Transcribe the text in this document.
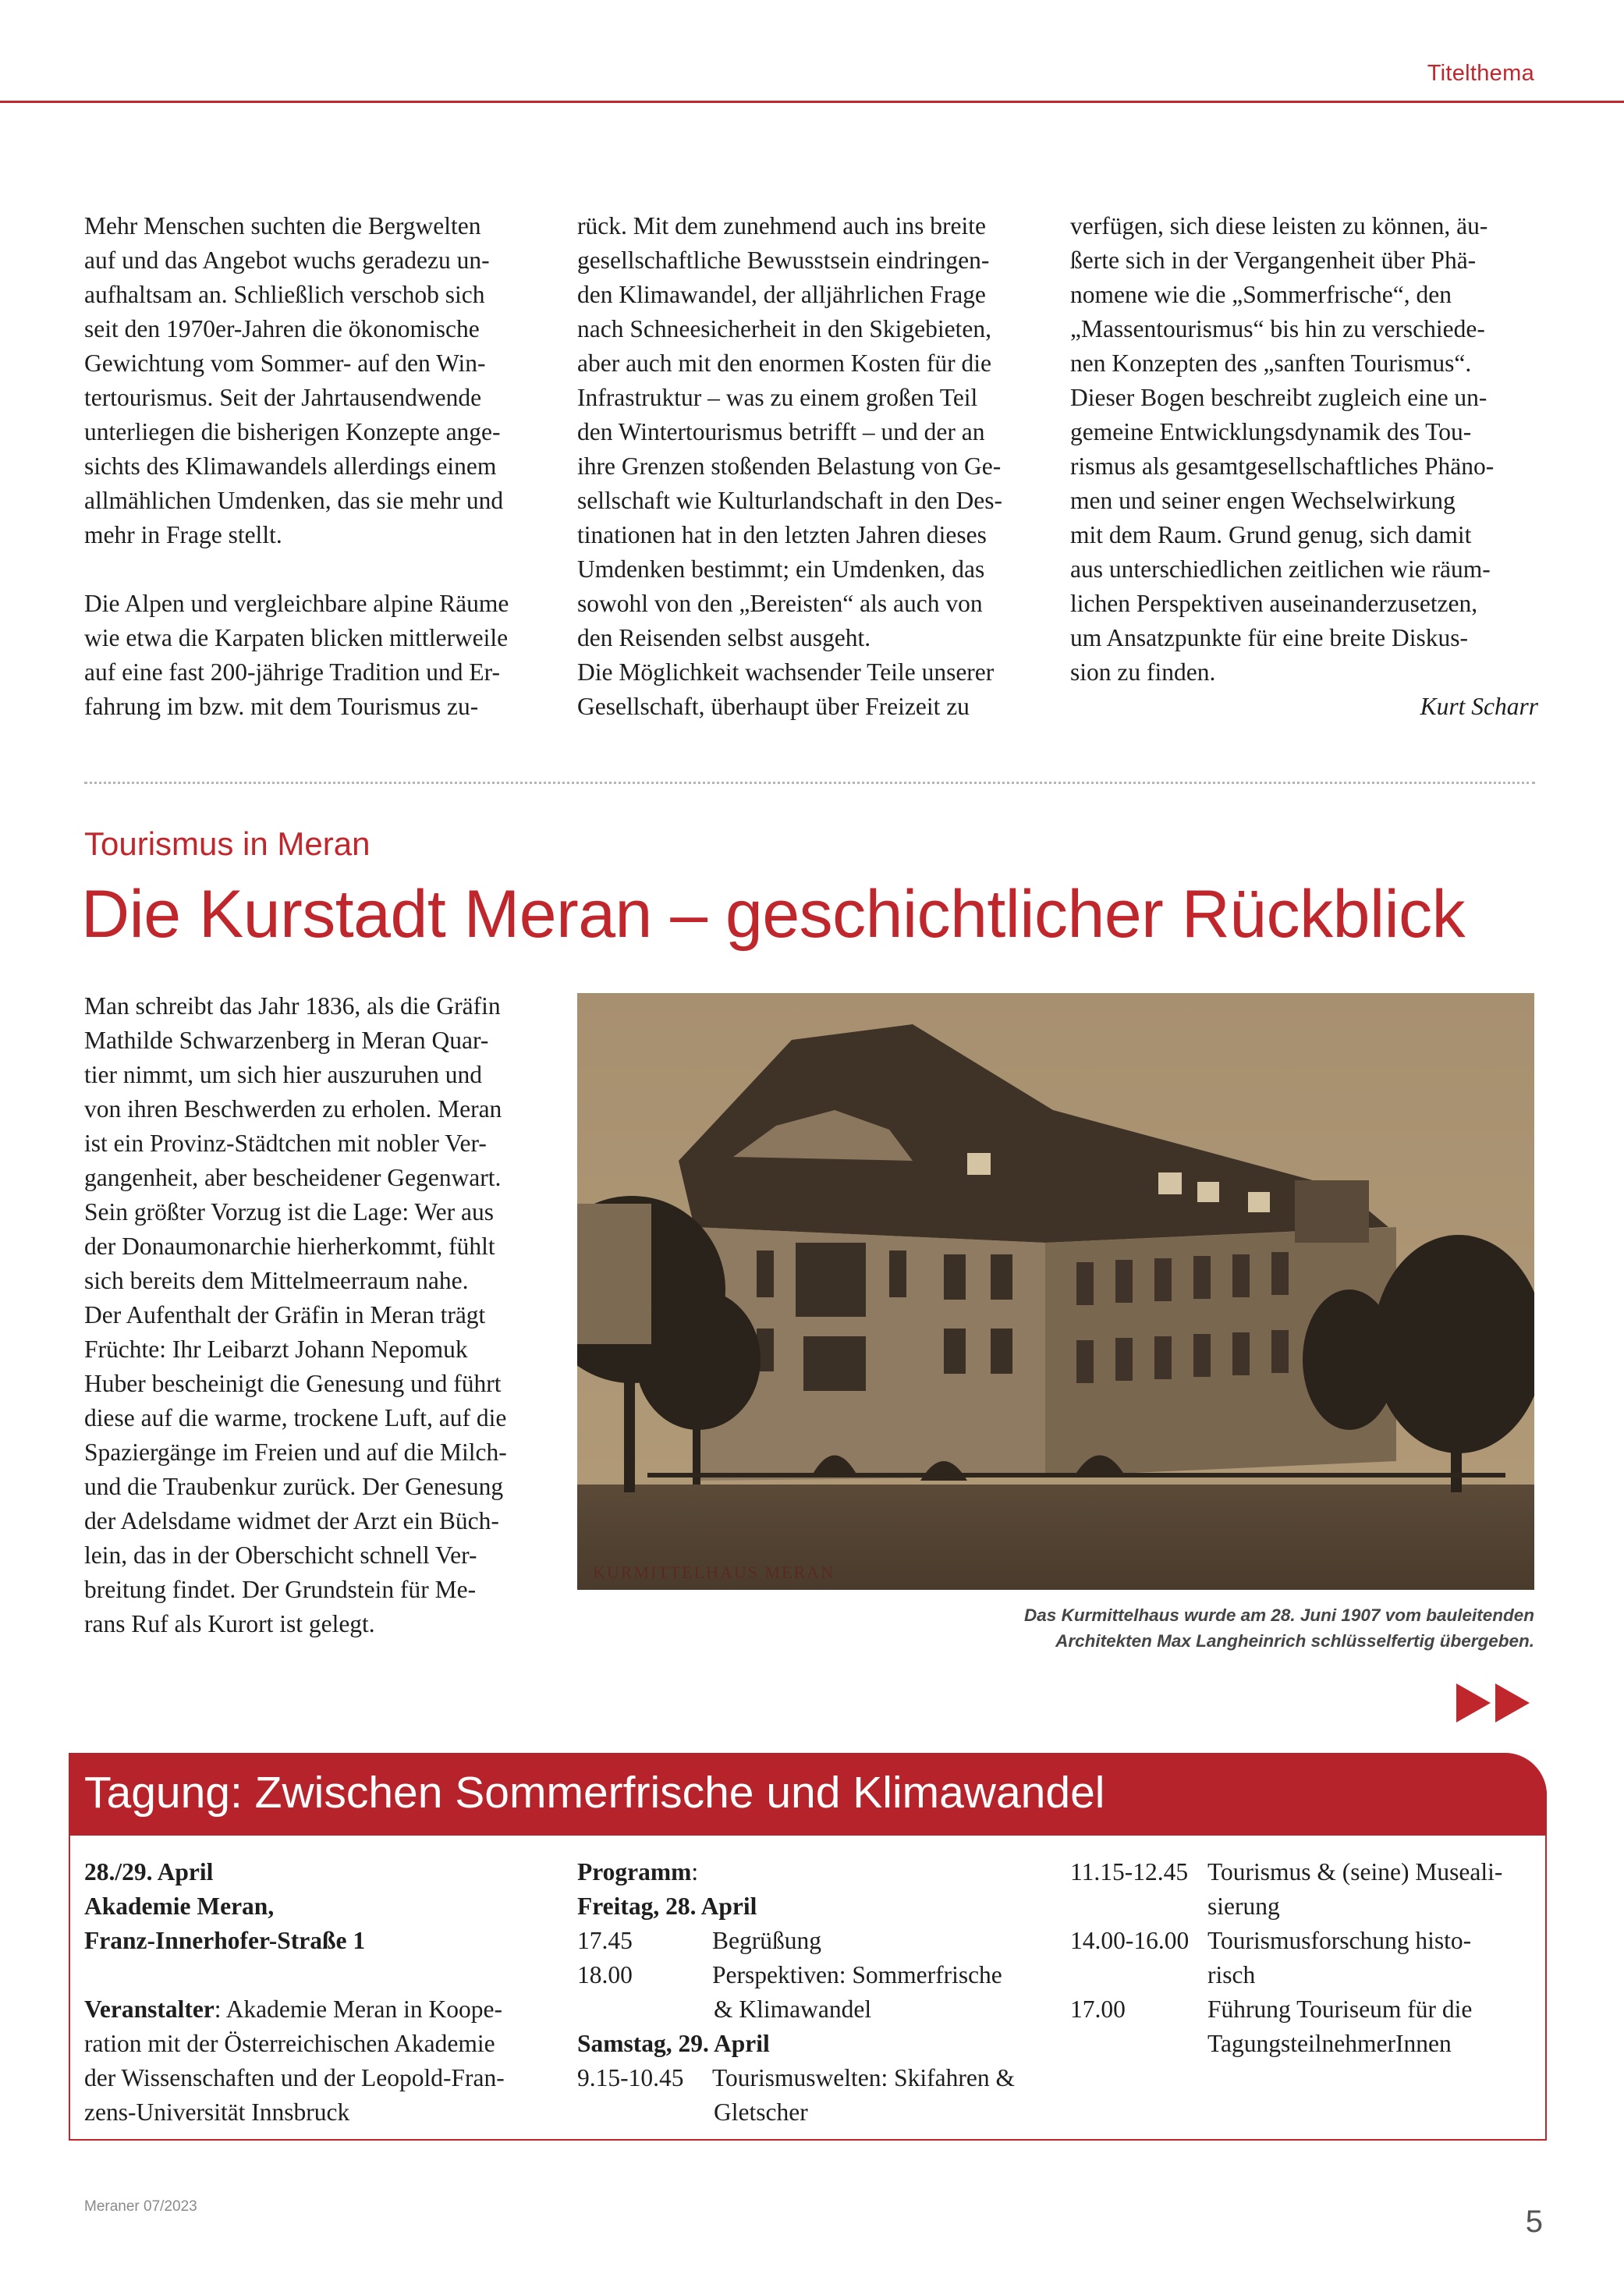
Titelthema

Mehr Menschen suchten die Bergwelten
auf und das Angebot wuchs geradezu un-
aufhaltsam an. Schließlich verschob sich
seit den 1970er-Jahren die ökonomische
Gewichtung vom Sommer- auf den Win-
tertourismus. Seit der Jahrtausendwende
unterliegen die bisherigen Konzepte ange-
sichts des Klimawandels allerdings einem
allmählichen Umdenken, das sie mehr und
mehr in Frage stellt.

Die Alpen und vergleichbare alpine Räume
wie etwa die Karpaten blicken mittlerweile
auf eine fast 200-jährige Tradition und Er-
fahrung im bzw. mit dem Tourismus zu-

rück. Mit dem zunehmend auch ins breite
gesellschaftliche Bewusstsein eindringen-
den Klimawandel, der alljährlichen Frage
nach Schneesicherheit in den Skigebieten,
aber auch mit den enormen Kosten für die
Infrastruktur – was zu einem großen Teil
den Wintertourismus betrifft – und der an
ihre Grenzen stoßenden Belastung von Ge-
sellschaft wie Kulturlandschaft in den Des-
tinationen hat in den letzten Jahren dieses
Umdenken bestimmt; ein Umdenken, das
sowohl von den „Bereisten“ als auch von
den Reisenden selbst ausgeht.

Die Möglichkeit wachsender Teile unserer
Gesellschaft, überhaupt über Freizeit zu

verfügen, sich diese leisten zu können, äu-
ßerte sich in der Vergangenheit über Phä-
nomene wie die „Sommerfrische“, den
„Massentourismus“ bis hin zu verschiede-
nen Konzepten des „sanften Tourismus“.
Dieser Bogen beschreibt zugleich eine un-
gemeine Entwicklungsdynamik des Tou-
rismus als gesamtgesellschaftliches Phäno-
men und seiner engen Wechselwirkung
mit dem Raum. Grund genug, sich damit
aus unterschiedlichen zeitlichen wie räum-
lichen Perspektiven auseinanderzusetzen,
um Ansatzpunkte für eine breite Diskus-
sion zu finden.

Kurt Scharr

Tourismus in Meran
Die Kurstadt Meran – geschichtlicher Rückblick

Man schreibt das Jahr 1836, als die Gräfin
Mathilde Schwarzenberg in Meran Quar-
tier nimmt, um sich hier auszuruhen und
von ihren Beschwerden zu erholen. Meran
ist ein Provinz-Städtchen mit nobler Ver-
gangenheit, aber bescheidener Gegenwart.
Sein größter Vorzug ist die Lage: Wer aus
der Donaumonarchie hierherkommt, fühlt
sich bereits dem Mittelmeerraum nahe.
Der Aufenthalt der Gräfin in Meran trägt
Früchte: Ihr Leibarzt Johann Nepomuk
Huber bescheinigt die Genesung und führt
diese auf die warme, trockene Luft, auf die
Spaziergänge im Freien und auf die Milch-
und die Traubenkur zurück. Der Genesung
der Adelsdame widmet der Arzt ein Büch-
lein, das in der Oberschicht schnell Ver-
breitung findet. Der Grundstein für Me-
rans Ruf als Kurort ist gelegt.

KURMITTELHAUS MERAN
Das Kurmittelhaus wurde am 28. Juni 1907 vom bauleitenden
Architekten Max Langheinrich schlüsselfertig übergeben.
Tagung: Zwischen Sommerfrische und Klimawandel

28./29. April

Akademie Meran,

Franz-Innerhofer-Straße 1

Veranstalter: Akademie Meran in Koope-
ration mit der Österreichischen Akademie
der Wissenschaften und der Leopold-Fran-
zens-Universität Innsbruck

Programm:

Freitag, 28. April

17.45	Begrüßung
18.00	Perspektiven: Sommerfrische

& Klimawandel

Samstag, 29. April

9.15-10.45	Tourismuswelten: Skifahren &

Gletscher

11.15-12.45 Tourismus & (seine) Museali-

sierung

14.00-16.00 Tourismusforschung histo-

risch

17.00	Führung Touriseum für die

TagungsteilnehmerInnen

Meraner 07/2023	5
